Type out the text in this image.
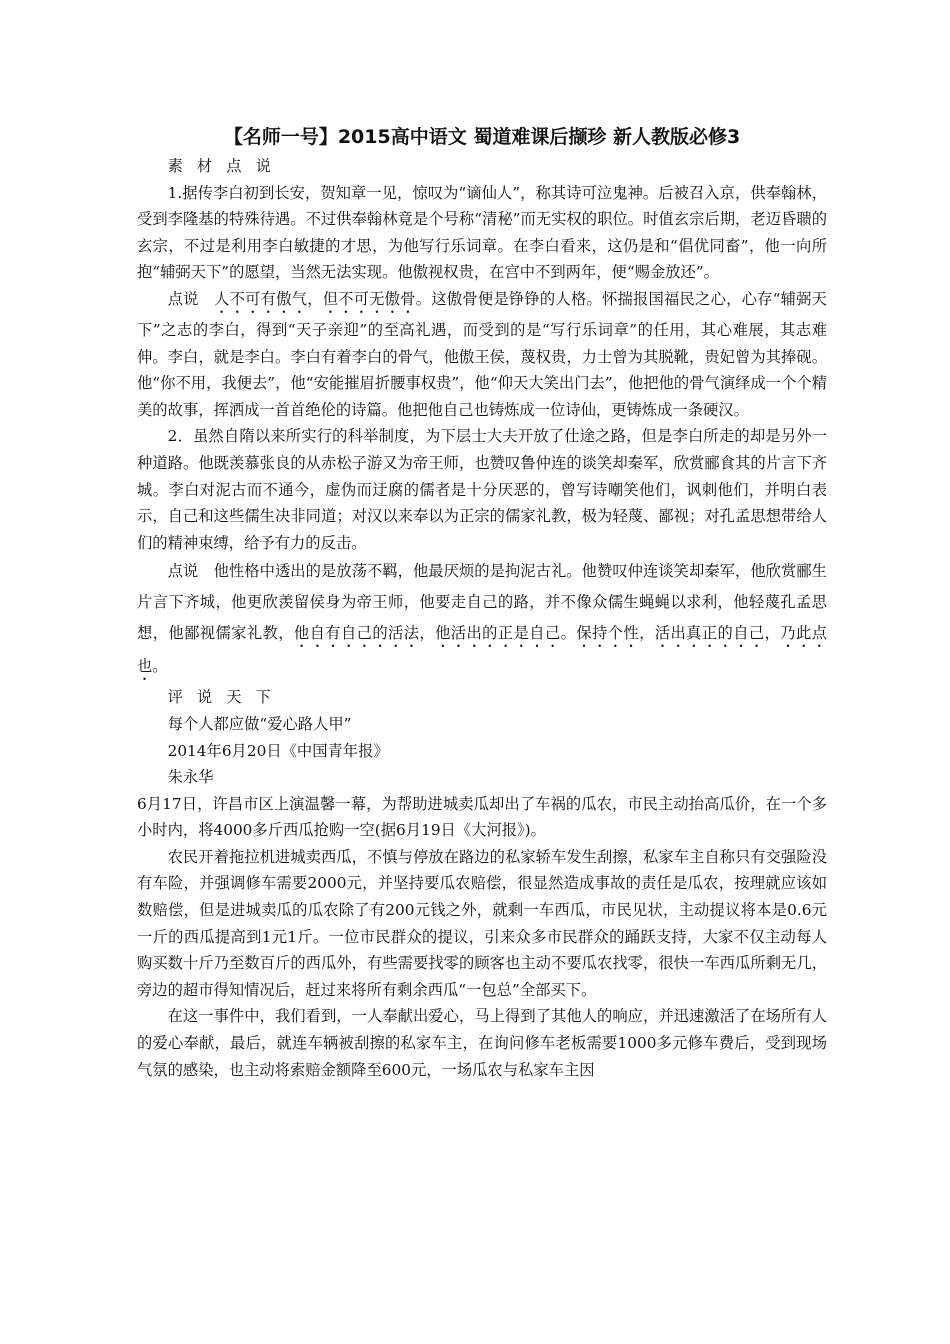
【名师一号】2015高中语文 蜀道难课后撷珍 新人教版必修3

素 材 点 说

1.据传李白初到长安，贺知章一见，惊叹为“谪仙人”，称其诗可泣鬼神。后被召入京，供奉翰林，受到李隆基的特殊待遇。不过供奉翰林竟是个号称“清秘”而无实权的职位。时值玄宗后期，老迈昏聩的玄宗，不过是利用李白敏捷的才思，为他写行乐词章。在李白看来，这仍是和“倡优同畜”，他一向所抱“辅弼天下”的愿望，当然无法实现。他傲视权贵，在宫中不到两年，便“赐金放还”。

点说  人不可有傲气，但不可无傲骨。这傲骨便是铮铮的人格。怀揣报国福民之心，心存“辅弼天下”之志的李白，得到“天子亲迎”的至高礼遇，而受到的是“写行乐词章”的任用，其心难展，其志难伸。李白，就是李白。李白有着李白的骨气，他傲王侯，蔑权贵，力士曾为其脱靴，贵妃曾为其捧砚。他“你不用，我便去”，他“安能摧眉折腰事权贵”，他“仰天大笑出门去”，他把他的骨气演绎成一个个精美的故事，挥洒成一首首绝伦的诗篇。他把他自己也铸炼成一位诗仙，更铸炼成一条硬汉。

2．虽然自隋以来所实行的科举制度，为下层士大夫开放了仕途之路，但是李白所走的却是另外一种道路。他既羡慕张良的从赤松子游又为帝王师，也赞叹鲁仲连的谈笑却秦军，欣赏郦食其的片言下齐城。李白对泥古而不通今，虚伪而迂腐的儒者是十分厌恶的，曾写诗嘲笑他们，讽刺他们，并明白表示，自己和这些儒生决非同道；对汉以来奉以为正宗的儒家礼教，极为轻蔑、鄙视；对孔孟思想带给人们的精神束缚，给予有力的反击。

点说  他性格中透出的是放荡不羁，他最厌烦的是拘泥古礼。他赞叹仲连谈笑却秦军，他欣赏郦生片言下齐城，他更欣羡留侯身为帝王师，他要走自己的路，并不像众儒生蝇蝇以求利，他轻蔑孔孟思想，他鄙视儒家礼教，他自有自己的活法，他活出的正是自己。保持个性，活出真正的自己，乃此点也。

评 说 天 下

每个人都应做“爱心路人甲”

2014年6月20日《中国青年报》

朱永华

6月17日，许昌市区上演温馨一幕，为帮助进城卖瓜却出了车祸的瓜农，市民主动抬高瓜价，在一个多小时内，将4000多斤西瓜抢购一空(据6月19日《大河报》)。

农民开着拖拉机进城卖西瓜，不慎与停放在路边的私家轿车发生刮擦，私家车主自称只有交强险没有车险，并强调修车需要2000元，并坚持要瓜农赔偿，很显然造成事故的责任是瓜农，按理就应该如数赔偿，但是进城卖瓜的瓜农除了有200元钱之外，就剩一车西瓜，市民见状，主动提议将本是0.6元一斤的西瓜提高到1元1斤。一位市民群众的提议，引来众多市民群众的踊跃支持，大家不仅主动每人购买数十斤乃至数百斤的西瓜外，有些需要找零的顾客也主动不要瓜农找零，很快一车西瓜所剩无几，旁边的超市得知情况后，赶过来将所有剩余西瓜“一包总”全部买下。

在这一事件中，我们看到，一人奉献出爱心，马上得到了其他人的响应，并迅速激活了在场所有人的爱心奉献，最后，就连车辆被刮擦的私家车主，在询问修车老板需要1000多元修车费后，受到现场气氛的感染，也主动将索赔金额降至600元，一场瓜农与私家车主因
